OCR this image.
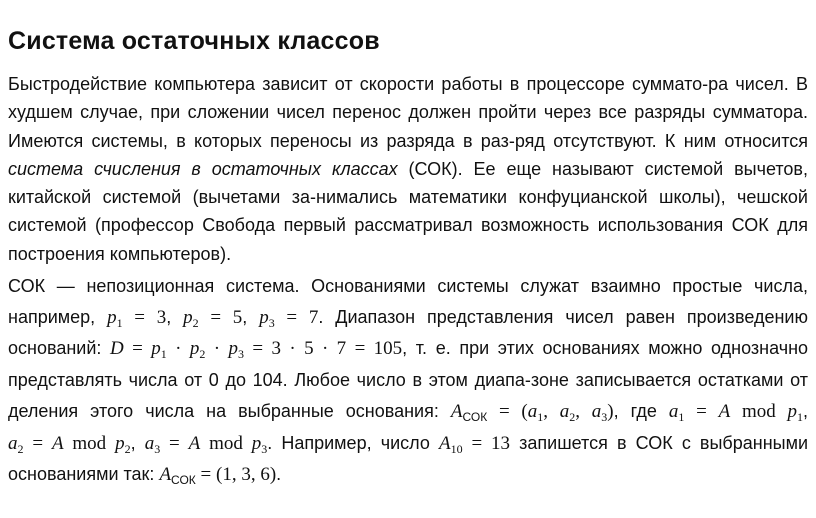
Система остаточных классов

Быстродействие компьютера зависит от скорости работы в процессоре суммато-ра чисел. В худшем случае, при сложении чисел перенос должен пройти через все разряды сумматора. Имеются системы, в которых переносы из разряда в раз-ряд отсутствуют. К ним относится система счисления в остаточных классах (СОК). Ее еще называют системой вычетов, китайской системой (вычетами за-нимались математики конфуцианской школы), чешской системой (профессор Свобода первый рассматривал возможность использования СОК для построения компьютеров).

СОК — непозиционная система. Основаниями системы служат взаимно простые числа, например, $p_1 = 3$, $p_2 = 5$, $p_3 = 7$. Диапазон представления чисел равен произведению оснований: $D = p_1 \cdot p_2 \cdot p_3 = 3 \cdot 5 \cdot 7 = 105$, т. е. при этих основаниях можно однозначно представлять числа от 0 до 104. Любое число в этом диапа-зоне записывается остатками от деления этого числа на выбранные основания: $A_{СОК} = (a_1$, $a_2$, $a_3$), где $a_1 = A$ mod $p_1$, $a_2 = A$ mod $p_2$, $a_3 = A$ mod $p_3$. Например, число $A_{10} = 13$ запишется в СОК с выбранными основаниями так: $A_{СОК} = (1$, 3, 6).
